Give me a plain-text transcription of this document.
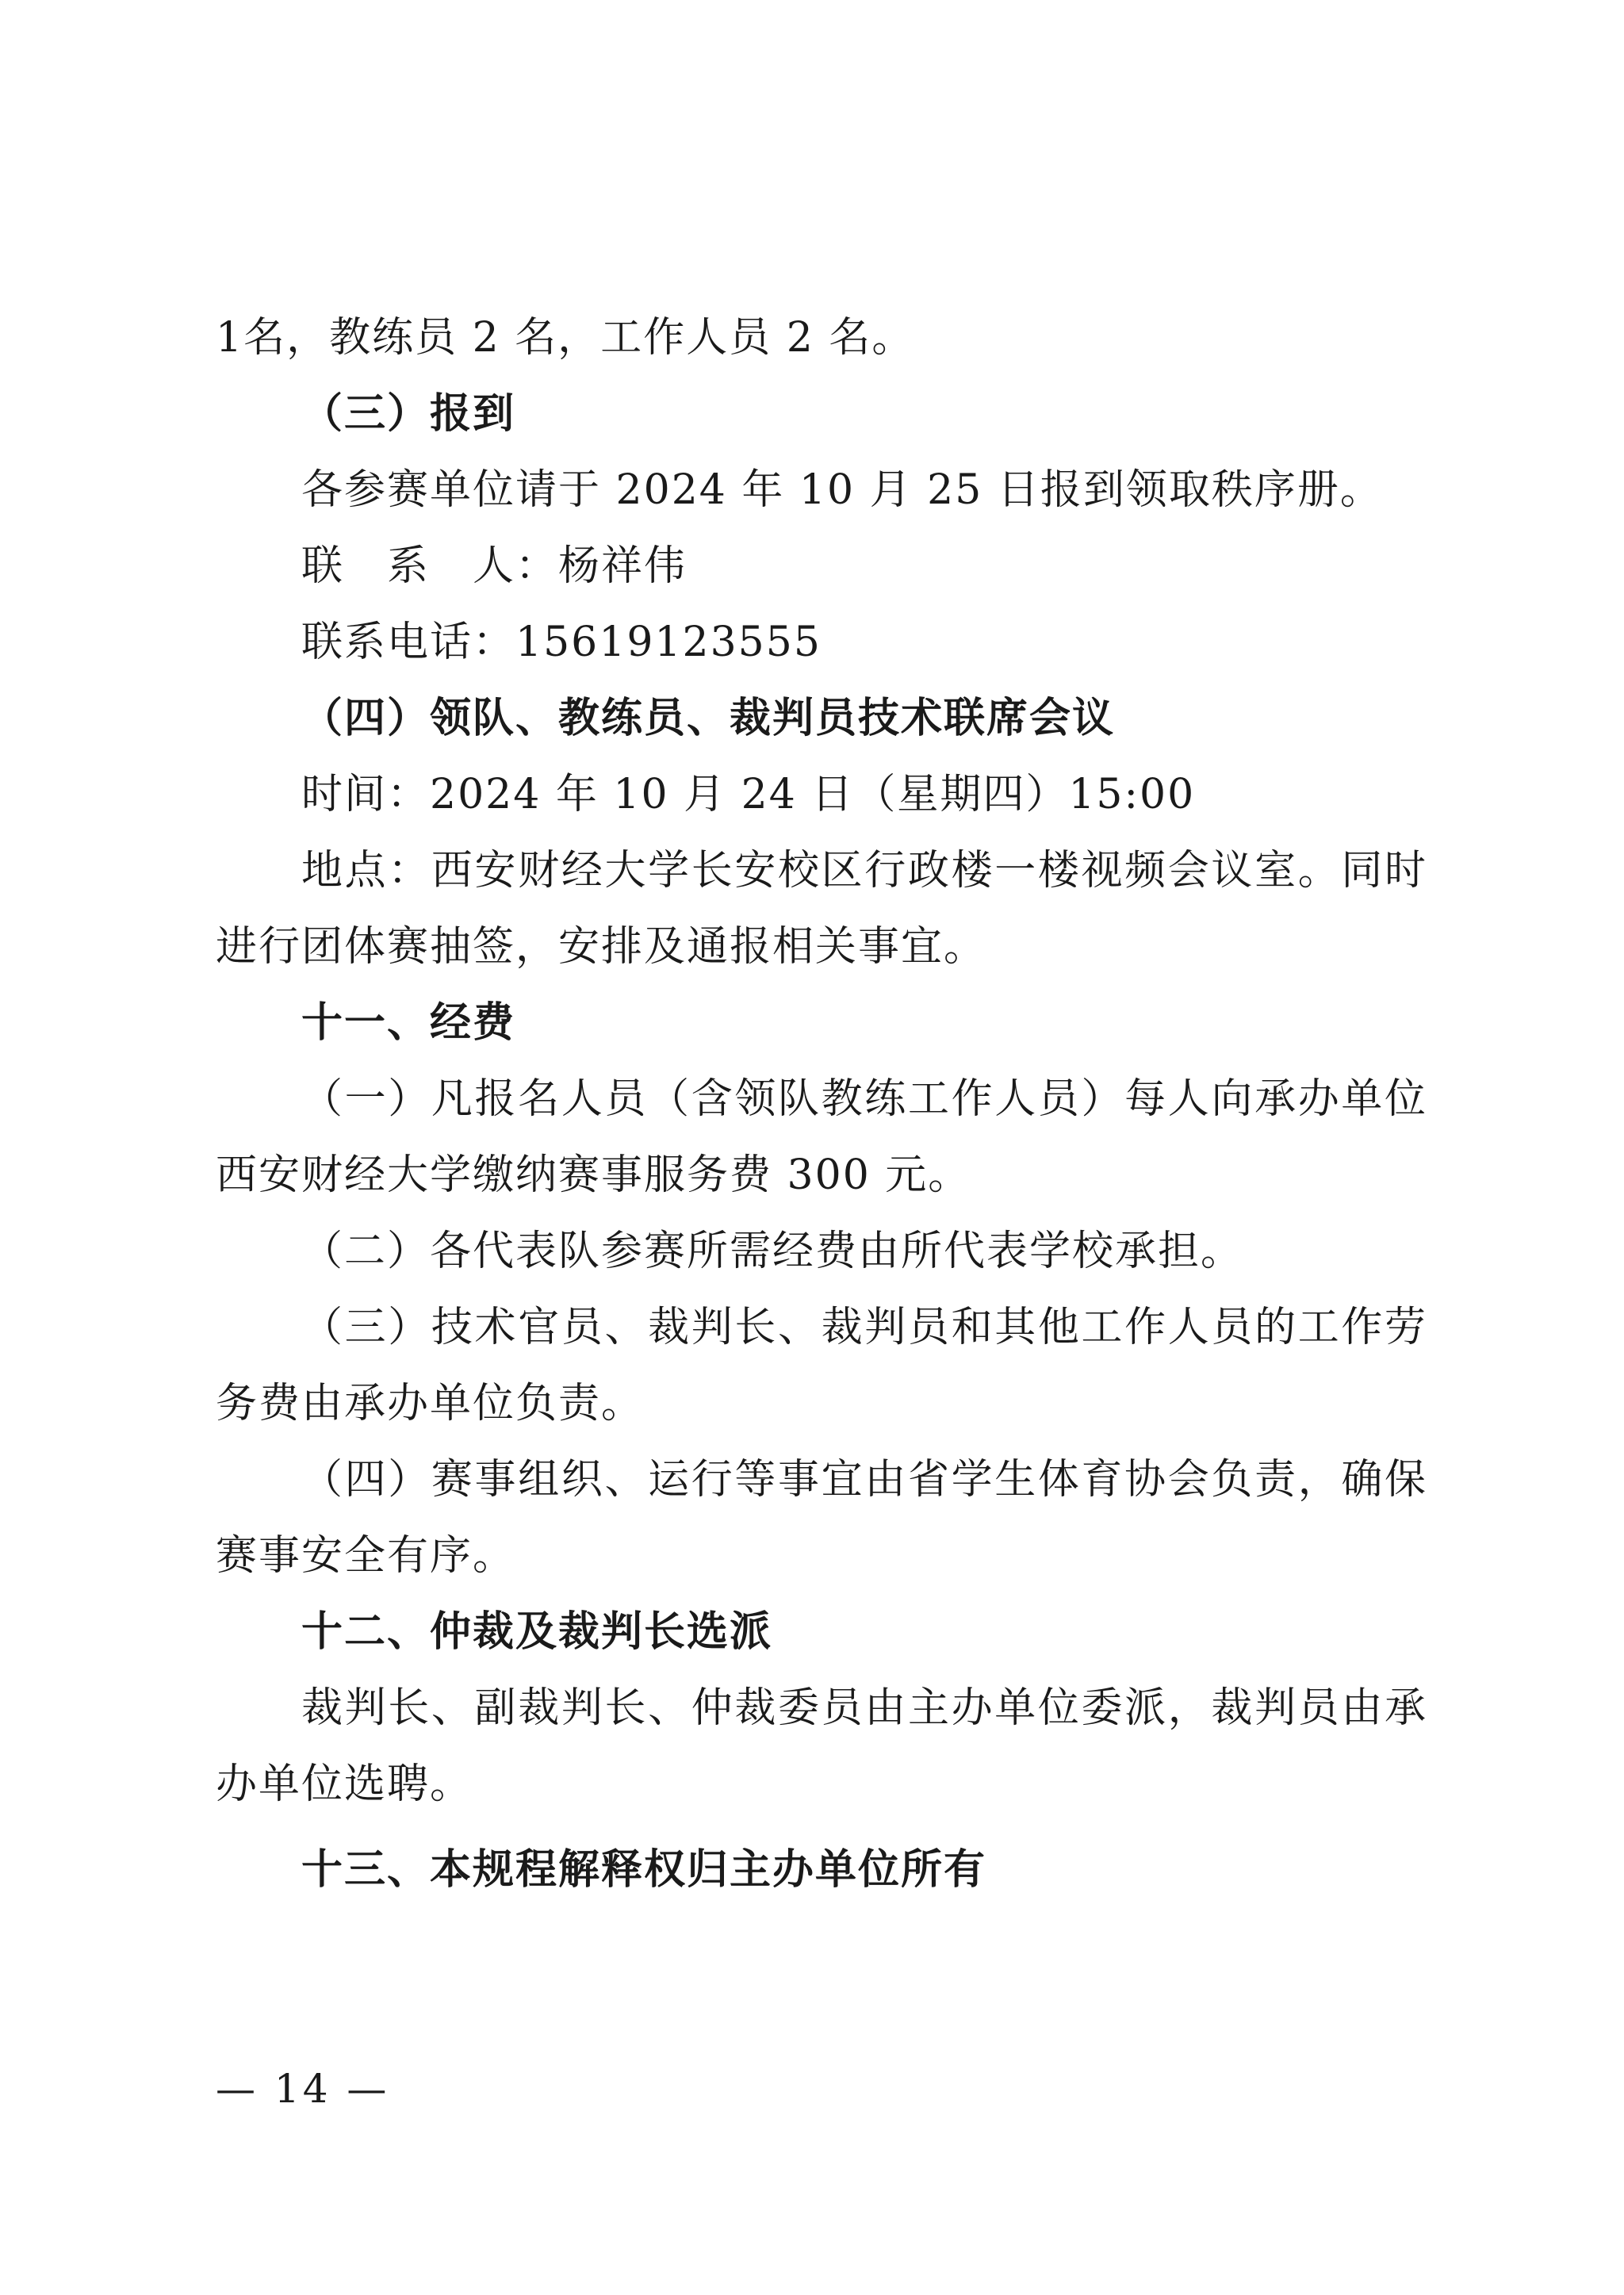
1名，教练员 2 名，工作人员 2 名。
（三）报到
各参赛单位请于 2024 年 10 月 25 日报到领取秩序册。
联　系　人：杨祥伟
联系电话：15619123555
（四）领队、教练员、裁判员技术联席会议
时间：2024 年 10 月 24 日（星期四）15:00
地点：西安财经大学长安校区行政楼一楼视频会议室。同时
进行团体赛抽签，安排及通报相关事宜。
十一、经费
（一）凡报名人员（含领队教练工作人员）每人向承办单位
西安财经大学缴纳赛事服务费 300 元。
（二）各代表队参赛所需经费由所代表学校承担。
（三）技术官员、裁判长、裁判员和其他工作人员的工作劳
务费由承办单位负责。
（四）赛事组织、运行等事宜由省学生体育协会负责，确保
赛事安全有序。
十二、仲裁及裁判长选派
裁判长、副裁判长、仲裁委员由主办单位委派，裁判员由承
办单位选聘。
十三、本规程解释权归主办单位所有
— 14 —
